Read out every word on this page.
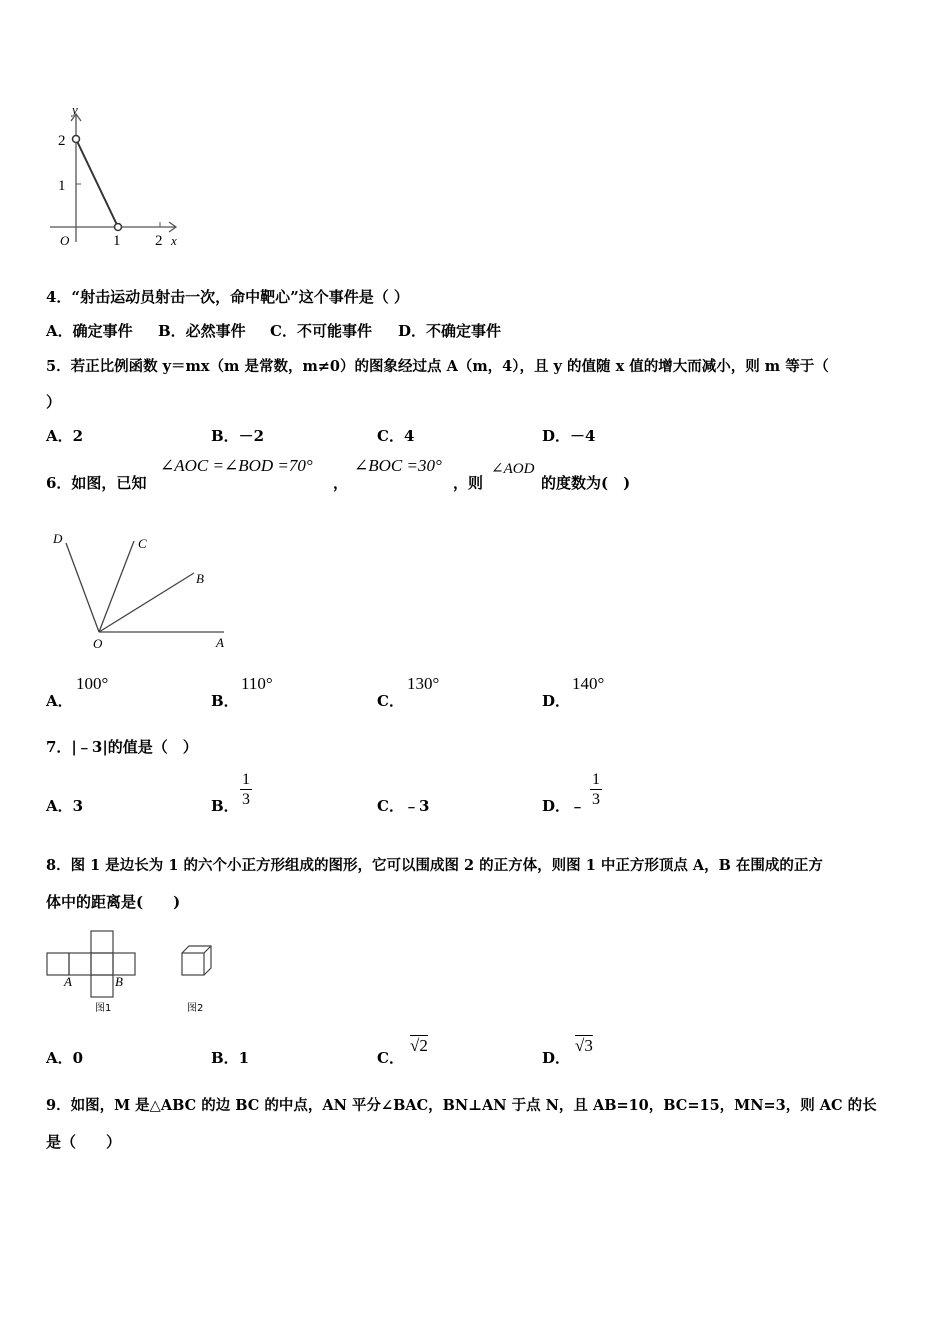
y
2
1
O	1 2 x
4．“射击运动员射击一次，命中靶心”这个事件是（ ）
A．确定事件 B．必然事件 C．不可能事件 D．不确定事件
5．若正比例函数 y＝mx（m 是常数，m≠0）的图象经过点 A（m，4），且 y 的值随 x 值的增大而减小，则 m 等于（
）
A．2	B．－2	C．4	D．－4
6．如图，已知
∠AOC =∠BOD =70°
，
∠BOC =30°
，则
∠AOD
的度数为(　)
D	C
B
O	A
A．
100°
B．
110°
C．
130°
D．
140°
7．|﹣3|的值是（　）
A．3	B．
1
3	C．﹣3	D．﹣
1
3
8．图 1 是边长为 1 的六个小正方形组成的图形，它可以围成图 2 的正方体，则图 1 中正方形顶点 A，B 在围成的正方
体中的距离是(　　)
A	B
图1	图2
A．0	B．1	C．
√2
D．
√3
9．如图，M 是△ABC 的边 BC 的中点，AN 平分∠BAC，BN⊥AN 于点 N，且 AB=10，BC=15，MN=3，则 AC 的长
是（　　）
